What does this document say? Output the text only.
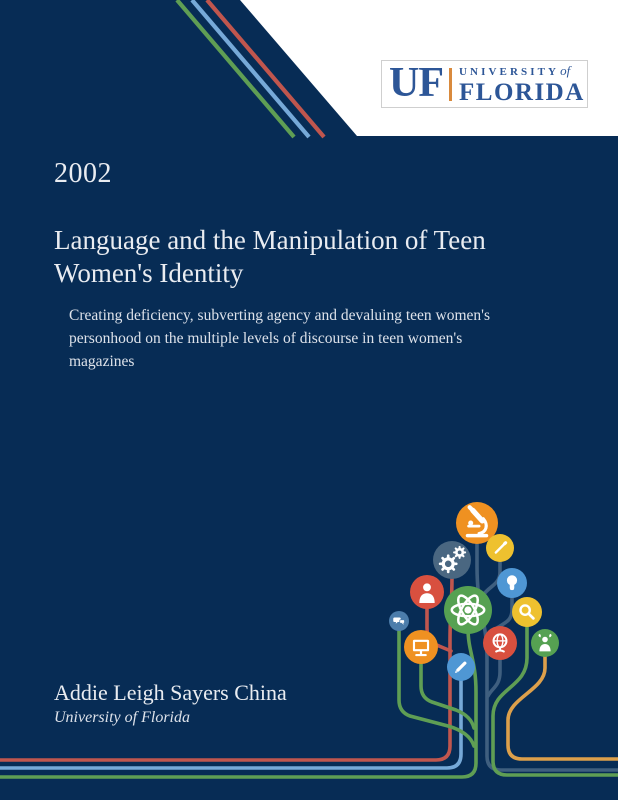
UF UNIVERSITY of
FLORIDA
2002
Language and the Manipulation of Teen Women's Identity
Creating deficiency, subverting agency and devaluing teen women's personhood on the multiple levels of discourse in teen women's magazines
Addie Leigh Sayers China
University of Florida
